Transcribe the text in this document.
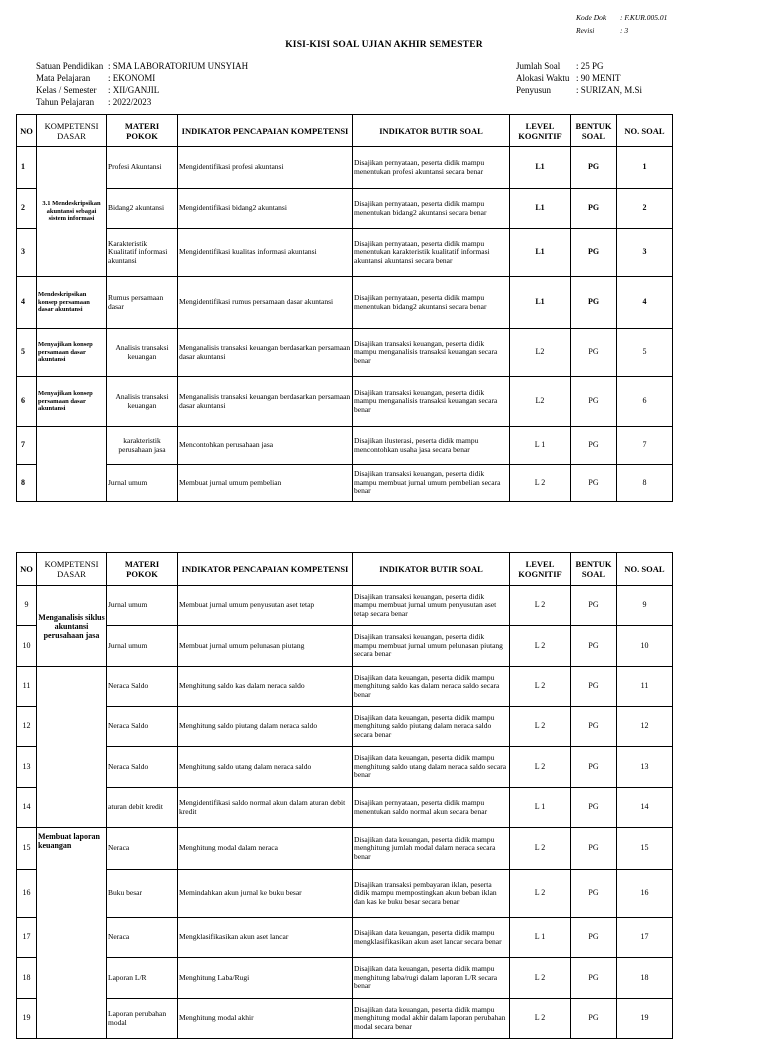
Kode Dok	: F.KUR.005.01
Revisi	: 3
KISI-KISI SOAL UJIAN AKHIR SEMESTER
Satuan Pendidikan : SMA LABORATORIUM UNSYIAH
Mata Pelajaran	: EKONOMI
Kelas / Semester	: XII/GANJIL
Tahun Pelajaran	: 2022/2023
Jumlah Soal	: 25 PG
Alokasi Waktu : 90 MENIT
Penyusun	: SURIZAN, M.Si
NO	KOMPETENSI DASAR	MATERI POKOK	INDIKATOR PENCAPAIAN KOMPETENSI	INDIKATOR BUTIR SOAL	LEVEL KOGNITIF	BENTUK SOAL	NO. SOAL
1	3.1 Mendeskripsikan akuntansi sebagai sistem informasi	Profesi Akuntansi	Mengidentifikasi profesi akuntansi	Disajikan pernyataan, peserta didik mampu menentukan profesi akuntansi secara benar	L1	PG	1
2		Bidang2 akuntansi	Mengidentifikasi bidang2 akuntansi	Disajikan pernyataan, peserta didik mampu menentukan bidang2 akuntansi secara benar	L1	PG	2
3		Karakteristik Kualitatif informasi akuntansi	Mengidentifikasi kualitas informasi akuntansi	Disajikan pernyataan, peserta didik mampu menentukan karakteristik kualitatif informasi akuntansi akuntansi secara benar	L1	PG	3
4	Mendeskripsikan konsep persamaan dasar akuntansi	Rumus persamaan dasar	Mengidentifikasi rumus persamaan dasar akuntansi	Disajikan pernyataan, peserta didik mampu menentukan bidang2 akuntansi secara benar	L1	PG	4
5	Menyajikan konsep persamaan dasar akuntansi	Analisis transaksi keuangan	Menganalisis transaksi keuangan berdasarkan persamaan dasar akuntansi	Disajikan transaksi keuangan, peserta didik mampu menganalisis transaksi keuangan secara benar	L2	PG	5
6	Menyajikan konsep persamaan dasar akuntansi	Analisis transaksi keuangan	Menganalisis transaksi keuangan berdasarkan persamaan dasar akuntansi	Disajikan transaksi keuangan, peserta didik mampu menganalisis transaksi keuangan secara benar	L2	PG	6
7		karakteristik perusahaan jasa	Mencontohkan perusahaan jasa	Disajikan ilusterasi, peserta didik mampu mencontohkan usaha jasa secara benar	L 1	PG	7
8		Jurnal umum	Membuat jurnal umum pembelian	Disajikan transaksi keuangan, peserta didik mampu membuat jurnal umum pembelian secara benar	L 2	PG	8
NO	KOMPETENSI DASAR	MATERI POKOK	INDIKATOR PENCAPAIAN KOMPETENSI	INDIKATOR BUTIR SOAL	LEVEL KOGNITIF	BENTUK SOAL	NO. SOAL
9	Menganalisis siklus akuntansi perusahaan jasa	Jurnal umum	Membuat jurnal umum penyusutan aset tetap	Disajikan transaksi keuangan, peserta didik mampu membuat jurnal umum penyusutan aset tetap secara benar	L 2	PG	9
10		Jurnal umum	Membuat jurnal umum pelunasan piutang	Disajikan transaksi keuangan, peserta didik mampu membuat jurnal umum pelunasan piutang secara benar	L 2	PG	10
11		Neraca Saldo	Menghitung saldo kas dalam neraca saldo	Disajikan data keuangan, peserta didik mampu menghitung saldo kas dalam neraca saldo secara benar	L 2	PG	11
12		Neraca Saldo	Menghitung saldo piutang dalam neraca saldo	Disajikan data keuangan, peserta didik mampu menghitung saldo piutang dalam neraca saldo secara benar	L 2	PG	12
13		Neraca Saldo	Menghitung saldo utang dalam neraca saldo	Disajikan data keuangan, peserta didik mampu menghitung saldo utang dalam neraca saldo secara benar	L 2	PG	13
14		aturan debit kredit	Mengidentifikasi saldo normal akun dalam aturan debit kredit	Disajikan pernyataan, peserta didik mampu menentukan saldo normal akun secara benar	L 1	PG	14
15	Membuat laporan keuangan	Neraca	Menghitung modal dalam neraca	Disajikan data keuangan, peserta didik mampu menghitung jumlah modal dalam neraca secara benar	L 2	PG	15
16		Buku besar	Memindahkan akun jurnal ke buku besar	Disajikan transaksi pembayaran iklan, peserta didik mampu mempostingkan akun beban iklan dan kas ke buku besar secara benar	L 2	PG	16
17		Neraca	Mengklasifikasikan akun aset lancar	Disajikan data keuangan, peserta didik mampu mengklasifikasikan akun aset lancar secara benar	L 1	PG	17
18		Laporan L/R	Menghitung Laba/Rugi	Disajikan data keuangan, peserta didik mampu menghitung laba/rugi dalam laporan L/R secara benar	L 2	PG	18
19		Laporan perubahan modal	Menghitung modal akhir	Disajikan data keuangan, peserta didik mampu menghitung modal akhir dalam laporan perubahan modal secara benar	L 2	PG	19
